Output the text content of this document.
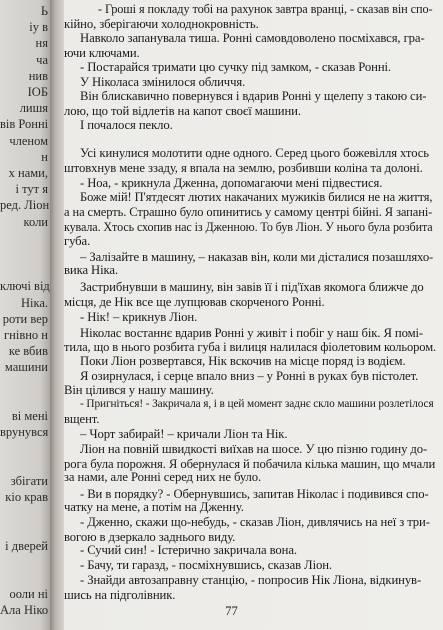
Ь
іу в
ня
ча
нив
ІОБ
лишя
вів Ронні
членом
н
х нами,
і тут я
ред. Ліон
коли
ключі від
Ніка.
роти вер
гнівно н
ке вбив
машини
ві мені
врунувся
збігати
кіо крав
і дверей
ооли ні
Ала Ніко
- Гроші я покладу тобі на рахунок завтра вранці, - сказав він спо-
кійно, зберігаючи холоднокровність.
Навколо запанувала тиша. Ронні самовдоволено посміхався, гра-
ючи ключами.
- Постарайся тримати цю сучку під замком, - сказав Ронні.
У Ніколаса змінилося обличчя.
Він блискавично повернувся і вдарив Ронні у щелепу з такою си-
лою, що той відлетів на капот своєї машини.
І почалося пекло.
Усі кинулися молотити одне одного. Серед цього божевілля хтось
штовхнув мене ззаду, я впала на землю, розбивши коліна та долоні.
- Ноа, - крикнула Дженна, допомагаючи мені підвестися.
Боже мій! П'ятдесят лютих накачаних мужиків билися не на життя,
а на смерть. Страшно було опинитись у самому центрі бійні. Я запані-
кувала. Хтось схопив нас із Дженною. То був Ліон. У нього була розбита
губа.
– Залізайте в машину, – наказав він, коли ми дісталися позашляхо-
вика Ніка.
Застрибнувши в машину, він завів її і під'їхав якомога ближче до
місця, де Нік все ще лупцював скорченого Ронні.
- Нік! – крикнув Ліон.
Ніколас востаннє вдарив Ронні у живіт і побіг у наш бік. Я помі-
тила, що в нього розбита губа і вилиця налилася фіолетовим кольором.
Поки Ліон розвертався, Нік вскочив на місце поряд із водієм.
Я озирнулася, і серце впало вниз – у Ронні в руках був пістолет.
Він цілився у нашу машину.
- Пригніться! - Закричала я, і в цей момент заднє скло машини розлетілося
вщент.
– Чорт забирай! – кричали Ліон та Нік.
Ліон на повній швидкості виїхав на шосе. У цю пізню годину до-
рога була порожня. Я обернулася й побачила кілька машин, що мчали
за нами, але Ронні серед них не було.
- Ви в порядку? - Обернувшись, запитав Ніколас і подивився спо-
чатку на мене, а потім на Дженну.
- Дженно, скажи що-небудь, - сказав Ліон, дивлячись на неї з три-
вогою в дзеркало заднього виду.
- Сучий син! - Істерично закричала вона.
- Бачу, ти гаразд, - посміхнувшись, сказав Ліон.
- Знайди автозаправну станцію, - попросив Нік Ліона, відкинув-
шись на підголівник.
77
